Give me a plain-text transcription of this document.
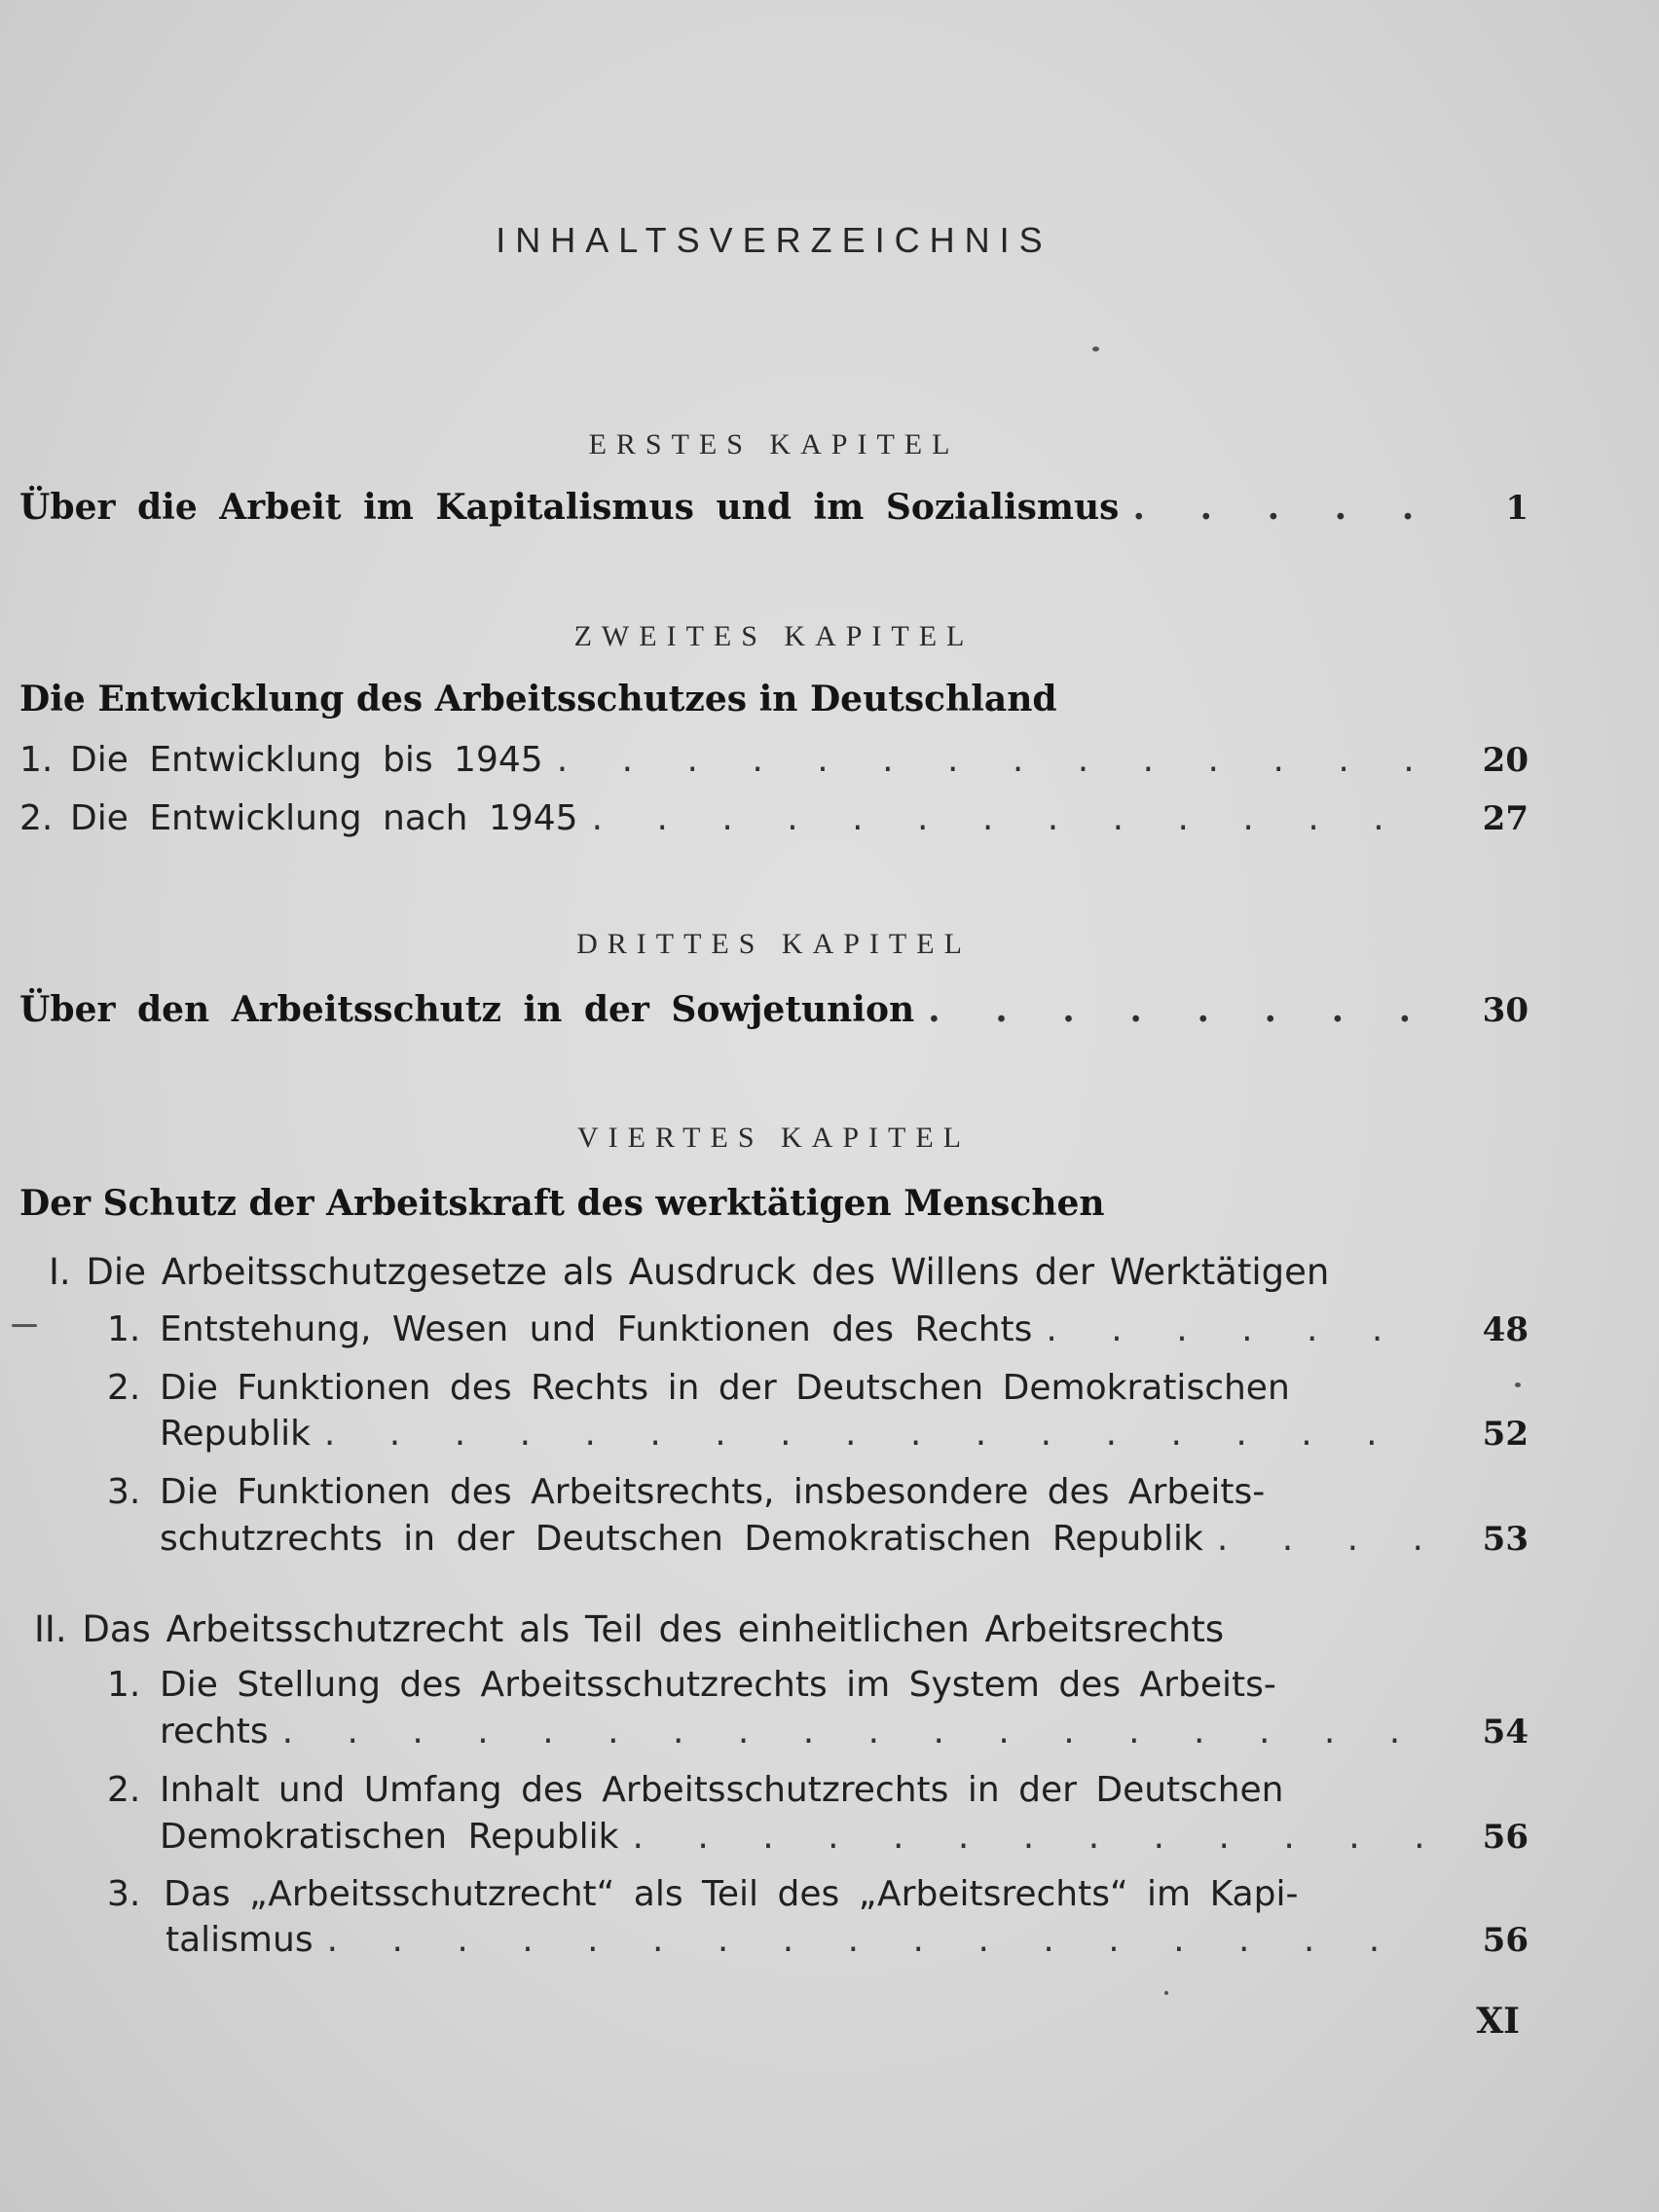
INHALTSVERZEICHNIS
ERSTES KAPITEL
Über die Arbeit im Kapitalismus und im Sozialismus . . .	1
ZWEITES KAPITEL
Die Entwicklung des Arbeitsschutzes in Deutschland
1. Die Entwicklung bis 1945 . . .	20
2. Die Entwicklung nach 1945 . . .	27
DRITTES KAPITEL
Über den Arbeitsschutz in der Sowjetunion . . .	30
VIERTES KAPITEL
Der Schutz der Arbeitskraft des werktätigen Menschen
I. Die Arbeitsschutzgesetze als Ausdruck des Willens der Werktätigen
1. Entstehung, Wesen und Funktionen des Rechts . . .	48
2. Die Funktionen des Rechts in der Deutschen Demokratischen
Republik . . .	52
3. Die Funktionen des Arbeitsrechts, insbesondere des Arbeits-
schutzrechts in der Deutschen Demokratischen Republik . . .	53
II. Das Arbeitsschutzrecht als Teil des einheitlichen Arbeitsrechts
1. Die Stellung des Arbeitsschutzrechts im System des Arbeits-
rechts . . .	54
2. Inhalt und Umfang des Arbeitsschutzrechts in der Deutschen
Demokratischen Republik . . .	56
3. Das „Arbeitsschutzrecht“ als Teil des „Arbeitsrechts“ im Kapi-
talismus . . .	56
XI
